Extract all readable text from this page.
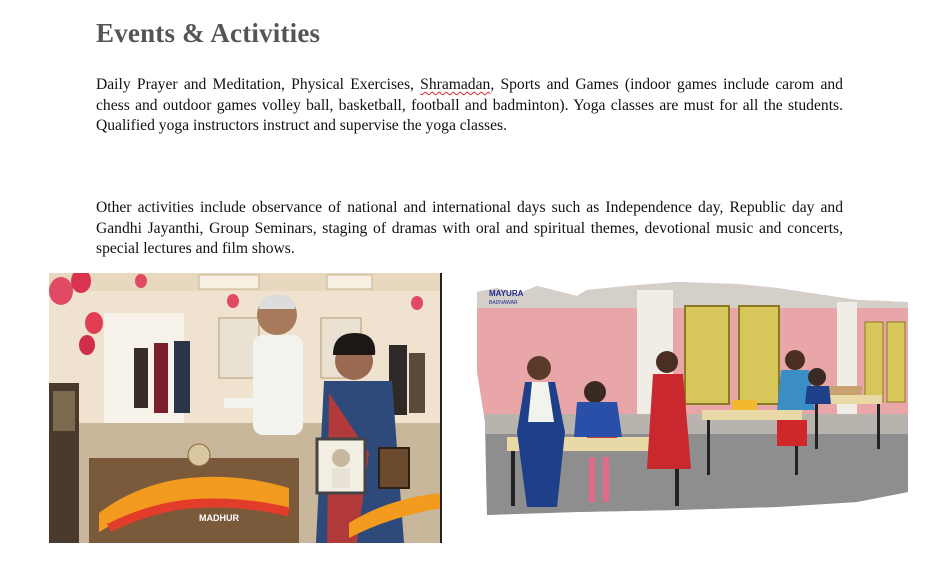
Events & Activities

Daily Prayer and Meditation, Physical Exercises, Shramadan, Sports and Games (indoor games include carom and chess and outdoor games volley ball, basketball, football and badminton). Yoga classes are must for all the students. Qualified yoga instructors instruct and supervise the yoga classes.

Other activities include observance of national and international days such as Independence day, Republic day and Gandhi Jayanthi, Group Seminars, staging of dramas with oral and spiritual themes, devotional music and concerts, special lectures and film shows.

MADHUR
MAYURA
BADNAWAR
